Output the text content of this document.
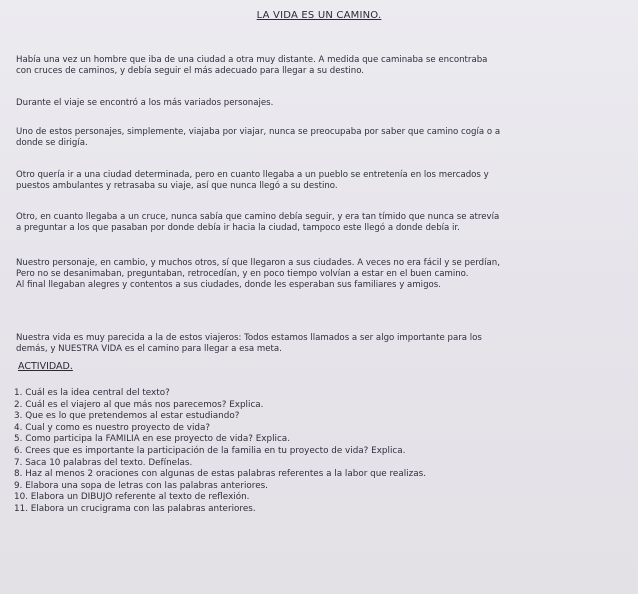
LA VIDA ES UN CAMINO.
Había una vez un hombre que iba de una ciudad a otra muy distante. A medida que caminaba se encontraba
con cruces de caminos, y debía seguir el más adecuado para llegar a su destino.
Durante el viaje se encontró a los más variados personajes.
Uno de estos personajes, simplemente, viajaba por viajar, nunca se preocupaba por saber que camino cogía o a
donde se dirigía.
Otro quería ir a una ciudad determinada, pero en cuanto llegaba a un pueblo se entretenía en los mercados y
puestos ambulantes y retrasaba su viaje, así que nunca llegó a su destino.
Otro, en cuanto llegaba a un cruce, nunca sabía que camino debía seguir, y era tan tímido que nunca se atrevía
a preguntar a los que pasaban por donde debía ir hacia la ciudad, tampoco este llegó a donde debía ir.
Nuestro personaje, en cambio, y muchos otros, sí que llegaron a sus ciudades. A veces no era fácil y se perdían,
Pero no se desanimaban, preguntaban, retrocedían, y en poco tiempo volvían a estar en el buen camino.
Al final llegaban alegres y contentos a sus ciudades, donde les esperaban sus familiares y amigos.
Nuestra vida es muy parecida a la de estos viajeros: Todos estamos llamados a ser algo importante para los
demás, y NUESTRA VIDA es el camino para llegar a esa meta.
ACTIVIDAD.
1. Cuál es la idea central del texto?
2. Cuál es el viajero al que más nos parecemos? Explica.
3. Que es lo que pretendemos al estar estudiando?
4. Cual y como es nuestro proyecto de vida?
5. Como participa la FAMILIA en ese proyecto de vida? Explica.
6. Crees que es importante la participación de la familia en tu proyecto de vida? Explica.
7. Saca 10 palabras del texto. Defínelas.
8. Haz al menos 2 oraciones con algunas de estas palabras referentes a la labor que realizas.
9. Elabora una sopa de letras con las palabras anteriores.
10. Elabora un DIBUJO referente al texto de reflexión.
11. Elabora un crucigrama con las palabras anteriores.
